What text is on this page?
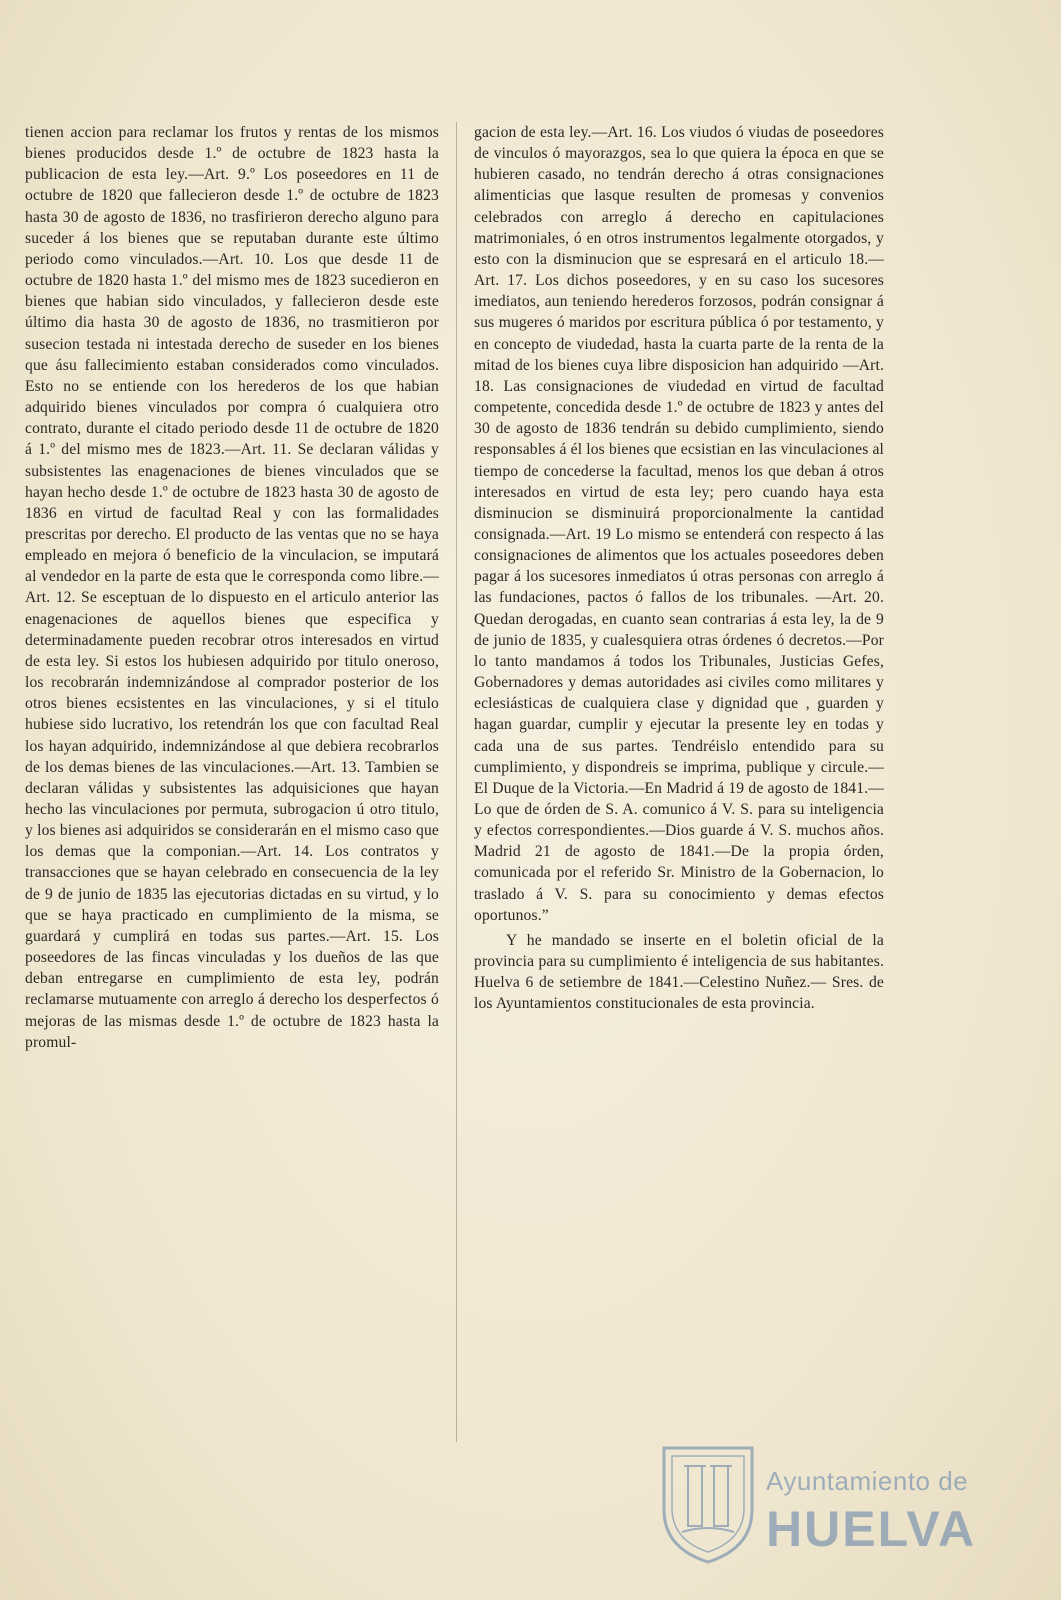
tienen accion para reclamar los frutos y rentas de los mismos bienes producidos desde 1.º de octubre de 1823 hasta la publicacion de esta ley.—Art. 9.º Los poseedores en 11 de octubre de 1820 que fallecieron desde 1.º de octubre de 1823 hasta 30 de agosto de 1836, no trasfirieron derecho alguno para suceder á los bienes que se reputaban durante este último periodo como vinculados.—Art. 10. Los que desde 11 de octubre de 1820 hasta 1.º del mismo mes de 1823 sucedieron en bienes que habian sido vinculados, y fallecieron desde este último dia hasta 30 de agosto de 1836, no trasmitieron por susecion testada ni intestada derecho de suseder en los bienes que ásu fallecimiento estaban considerados como vinculados. Esto no se entiende con los herederos de los que habian adquirido bienes vinculados por compra ó cualquiera otro contrato, durante el citado periodo desde 11 de octubre de 1820 á 1.º del mismo mes de 1823.—Art. 11. Se declaran válidas y subsistentes las enagenaciones de bienes vinculados que se hayan hecho desde 1.º de octubre de 1823 hasta 30 de agosto de 1836 en virtud de facultad Real y con las formalidades prescritas por derecho. El producto de las ventas que no se haya empleado en mejora ó beneficio de la vinculacion, se imputará al vendedor en la parte de esta que le corresponda como libre.—Art. 12. Se esceptuan de lo dispuesto en el articulo anterior las enagenaciones de aquellos bienes que especifica y determinadamente pueden recobrar otros interesados en virtud de esta ley. Si estos los hubiesen adquirido por titulo oneroso, los recobrarán indemnizándose al comprador posterior de los otros bienes ecsistentes en las vinculaciones, y si el titulo hubiese sido lucrativo, los retendrán los que con facultad Real los hayan adquirido, indemnizándose al que debiera recobrarlos de los demas bienes de las vinculaciones.—Art. 13. Tambien se declaran válidas y subsistentes las adquisiciones que hayan hecho las vinculaciones por permuta, subrogacion ú otro titulo, y los bienes asi adquiridos se considerarán en el mismo caso que los demas que la componian.—Art. 14. Los contratos y transacciones que se hayan celebrado en consecuencia de la ley de 9 de junio de 1835 las ejecutorias dictadas en su virtud, y lo que se haya practicado en cumplimiento de la misma, se guardará y cumplirá en todas sus partes.—Art. 15. Los poseedores de las fincas vinculadas y los dueños de las que deban entregarse en cumplimiento de esta ley, podrán reclamarse mutuamente con arreglo á derecho los desperfectos ó mejoras de las mismas desde 1.º de octubre de 1823 hasta la promul-

gacion de esta ley.—Art. 16. Los viudos ó viudas de poseedores de vinculos ó mayorazgos, sea lo que quiera la época en que se hubieren casado, no tendrán derecho á otras consignaciones alimenticias que lasque resulten de promesas y convenios celebrados con arreglo á derecho en capitulaciones matrimoniales, ó en otros instrumentos legalmente otorgados, y esto con la disminucion que se espresará en el articulo 18.—Art. 17. Los dichos poseedores, y en su caso los sucesores imediatos, aun teniendo herederos forzosos, podrán consignar á sus mugeres ó maridos por escritura pública ó por testamento, y en concepto de viudedad, hasta la cuarta parte de la renta de la mitad de los bienes cuya libre disposicion han adquirido —Art. 18. Las consignaciones de viudedad en virtud de facultad competente, concedida desde 1.º de octubre de 1823 y antes del 30 de agosto de 1836 tendrán su debido cumplimiento, siendo responsables á él los bienes que ecsistian en las vinculaciones al tiempo de concederse la facultad, menos los que deban á otros interesados en virtud de esta ley; pero cuando haya esta disminucion se disminuirá proporcionalmente la cantidad consignada.—Art. 19 Lo mismo se entenderá con respecto á las consignaciones de alimentos que los actuales poseedores deben pagar á los sucesores inmediatos ú otras personas con arreglo á las fundaciones, pactos ó fallos de los tribunales. —Art. 20. Quedan derogadas, en cuanto sean contrarias á esta ley, la de 9 de junio de 1835, y cualesquiera otras órdenes ó decretos.—Por lo tanto mandamos á todos los Tribunales, Justicias Gefes, Gobernadores y demas autoridades asi civiles como militares y eclesiásticas de cualquiera clase y dignidad que , guarden y hagan guardar, cumplir y ejecutar la presente ley en todas y cada una de sus partes. Tendréislo entendido para su cumplimiento, y dispondreis se imprima, publique y circule.—El Duque de la Victoria.—En Madrid á 19 de agosto de 1841.—Lo que de órden de S. A. comunico á V. S. para su inteligencia y efectos correspondientes.—Dios guarde á V. S. muchos años. Madrid 21 de agosto de 1841.—De la propia órden, comunicada por el referido Sr. Ministro de la Gobernacion, lo traslado á V. S. para su conocimiento y demas efectos oportunos.”

Y he mandado se inserte en el boletin oficial de la provincia para su cumplimiento é inteligencia de sus habitantes. Huelva 6 de setiembre de 1841.—Celestino Nuñez.— Sres. de los Ayuntamientos constitucionales de esta provincia.

Ayuntamiento de
HUELVA
